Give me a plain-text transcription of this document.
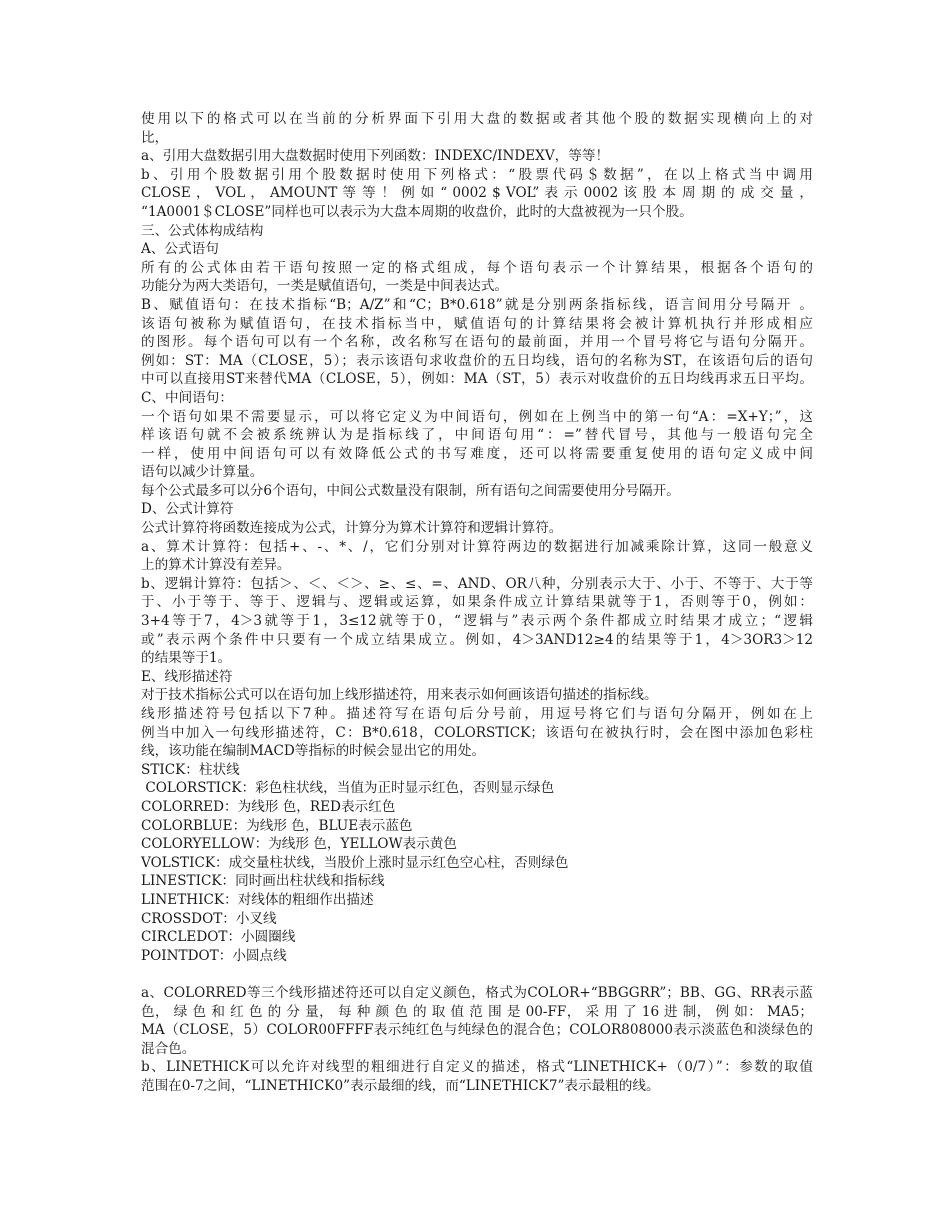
使用以下的格式可以在当前的分析界面下引用大盘的数据或者其他个股的数据实现横向上的对
比，
a、引用大盘数据引用大盘数据时使用下列函数：INDEXC/INDEXV，等等！
b、引用个股数据引用个股数据时使用下列格式：“股票代码＄数据”，在以上格式当中调用
CLOSE ， VOL ， AMOUNT 等 等 ！ 例 如 “ 0002 $ VOL” 表 示 0002 该 股 本 周 期 的 成 交 量 ，
“1A0001＄CLOSE”同样也可以表示为大盘本周期的收盘价，此时的大盘被视为一只个股。
三、公式体构成结构
A、公式语句
所有的公式体由若干语句按照一定的格式组成，每个语句表示一个计算结果，根据各个语句的
功能分为两大类语句，一类是赋值语句，一类是中间表达式。
B、赋值语句：在技术指标“B；A/Z”和“C；B*0.618”就是分别两条指标线，语言间用分号隔开 。
该语句被称为赋值语句，在技术指标当中，赋值语句的计算结果将会被计算机执行并形成相应
的图形。每个语句可以有一个名称，改名称写在语句的最前面，并用一个冒号将它与语句分隔开。
例如：ST：MA（CLOSE，5）；表示该语句求收盘价的五日均线，语句的名称为ST，在该语句后的语句
中可以直接用ST来替代MA（CLOSE，5），例如：MA（ST，5）表示对收盘价的五日均线再求五日平均。
C、中间语句：
一个语句如果不需要显示，可以将它定义为中间语句，例如在上例当中的第一句“A：=X+Y；”，这
样该语句就不会被系统辨认为是指标线了，中间语句用“：=”替代冒号，其他与一般语句完全
一样，使用中间语句可以有效降低公式的书写难度，还可以将需要重复使用的语句定义成中间
语句以减少计算量。
每个公式最多可以分6个语句，中间公式数量没有限制，所有语句之间需要使用分号隔开。
D、公式计算符
公式计算符将函数连接成为公式，计算分为算术计算符和逻辑计算符。
a、算术计算符：包括+、-、*、/，它们分别对计算符两边的数据进行加减乘除计算，这同一般意义
上的算术计算没有差异。
b、逻辑计算符：包括＞、＜、＜＞、≥、≤、=、AND、OR八种，分别表示大于、小于、不等于、大于等
于、小于等于、等于、逻辑与、逻辑或运算，如果条件成立计算结果就等于1，否则等于0，例如：
3+4等于7，4＞3就等于1，3≤12就等于0，“逻辑与”表示两个条件都成立时结果才成立；“逻辑
或”表示两个条件中只要有一个成立结果成立。例如，4＞3AND12≥4的结果等于1，4＞3OR3＞12
的结果等于1。
E、线形描述符
对于技术指标公式可以在语句加上线形描述符，用来表示如何画该语句描述的指标线。
线形描述符号包括以下7种。描述符写在语句后分号前，用逗号将它们与语句分隔开，例如在上
例当中加入一句线形描述符，C：B*0.618，COLORSTICK；该语句在被执行时，会在图中添加色彩柱
线，该功能在编制MACD等指标的时候会显出它的用处。
STICK：柱状线
COLORSTICK：彩色柱状线，当值为正时显示红色，否则显示绿色
COLORRED：为线形 色，RED表示红色
COLORBLUE：为线形 色，BLUE表示蓝色
COLORYELLOW：为线形 色，YELLOW表示黄色
VOLSTICK：成交量柱状线，当股价上涨时显示红色空心柱，否则绿色
LINESTICK：同时画出柱状线和指标线
LINETHICK：对线体的粗细作出描述
CROSSDOT：小叉线
CIRCLEDOT：小圆圈线
POINTDOT：小圆点线
a、COLORRED等三个线形描述符还可以自定义颜色，格式为COLOR+“BBGGRR”；BB、GG、RR表示蓝
色， 绿 色 和 红 色 的 分 量， 每 种 颜 色 的 取 值 范 围 是 00-FF， 采 用 了 16 进 制， 例 如： MA5；
MA（CLOSE，5）COLOR00FFFF表示纯红色与纯绿色的混合色；COLOR808000表示淡蓝色和淡绿色的
混合色。
b、LINETHICK可以允许对线型的粗细进行自定义的描述，格式“LINETHICK+（0/7）”：参数的取值
范围在0-7之间，“LINETHICK0”表示最细的线，而“LINETHICK7”表示最粗的线。
